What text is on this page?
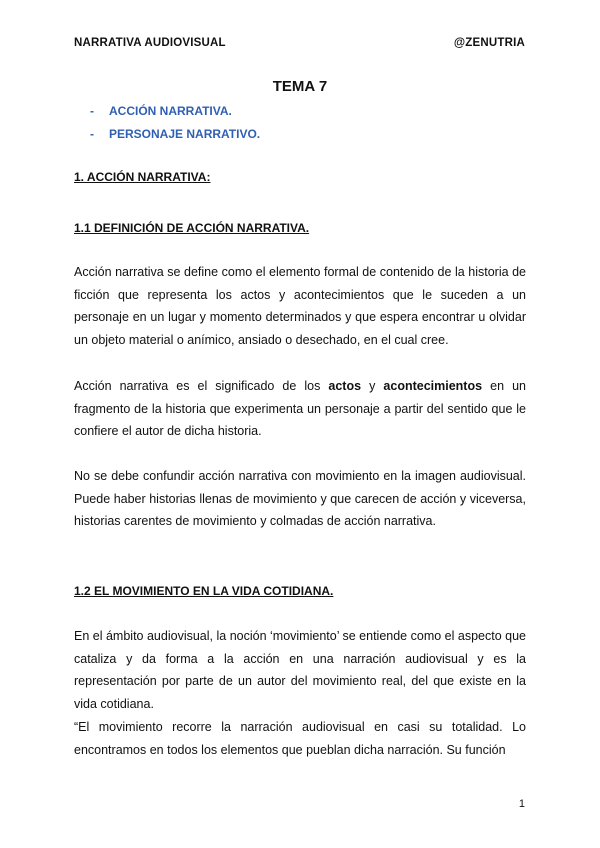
NARRATIVA AUDIOVISUAL	@ZENUTRIA
TEMA 7
- ACCIÓN NARRATIVA.
- PERSONAJE NARRATIVO.
1. ACCIÓN NARRATIVA:
1.1 DEFINICIÓN DE ACCIÓN NARRATIVA.

Acción narrativa se define como el elemento formal de contenido de la historia de ficción que representa los actos y acontecimientos que le suceden a un personaje en un lugar y momento determinados y que espera encontrar u olvidar un objeto material o anímico, ansiado o desechado, en el cual cree.

Acción narrativa es el significado de los actos y acontecimientos en un fragmento de la historia que experimenta un personaje a partir del sentido que le confiere el autor de dicha historia.

No se debe confundir acción narrativa con movimiento en la imagen audiovisual. Puede haber historias llenas de movimiento y que carecen de acción y viceversa, historias carentes de movimiento y colmadas de acción narrativa.

1.2 EL MOVIMIENTO EN LA VIDA COTIDIANA.

En el ámbito audiovisual, la noción ‘movimiento’ se entiende como el aspecto que cataliza y da forma a la acción en una narración audiovisual y es la representación por parte de un autor del movimiento real, del que existe en la vida cotidiana.

“El movimiento recorre la narración audiovisual en casi su totalidad. Lo encontramos en todos los elementos que pueblan dicha narración. Su función

1
